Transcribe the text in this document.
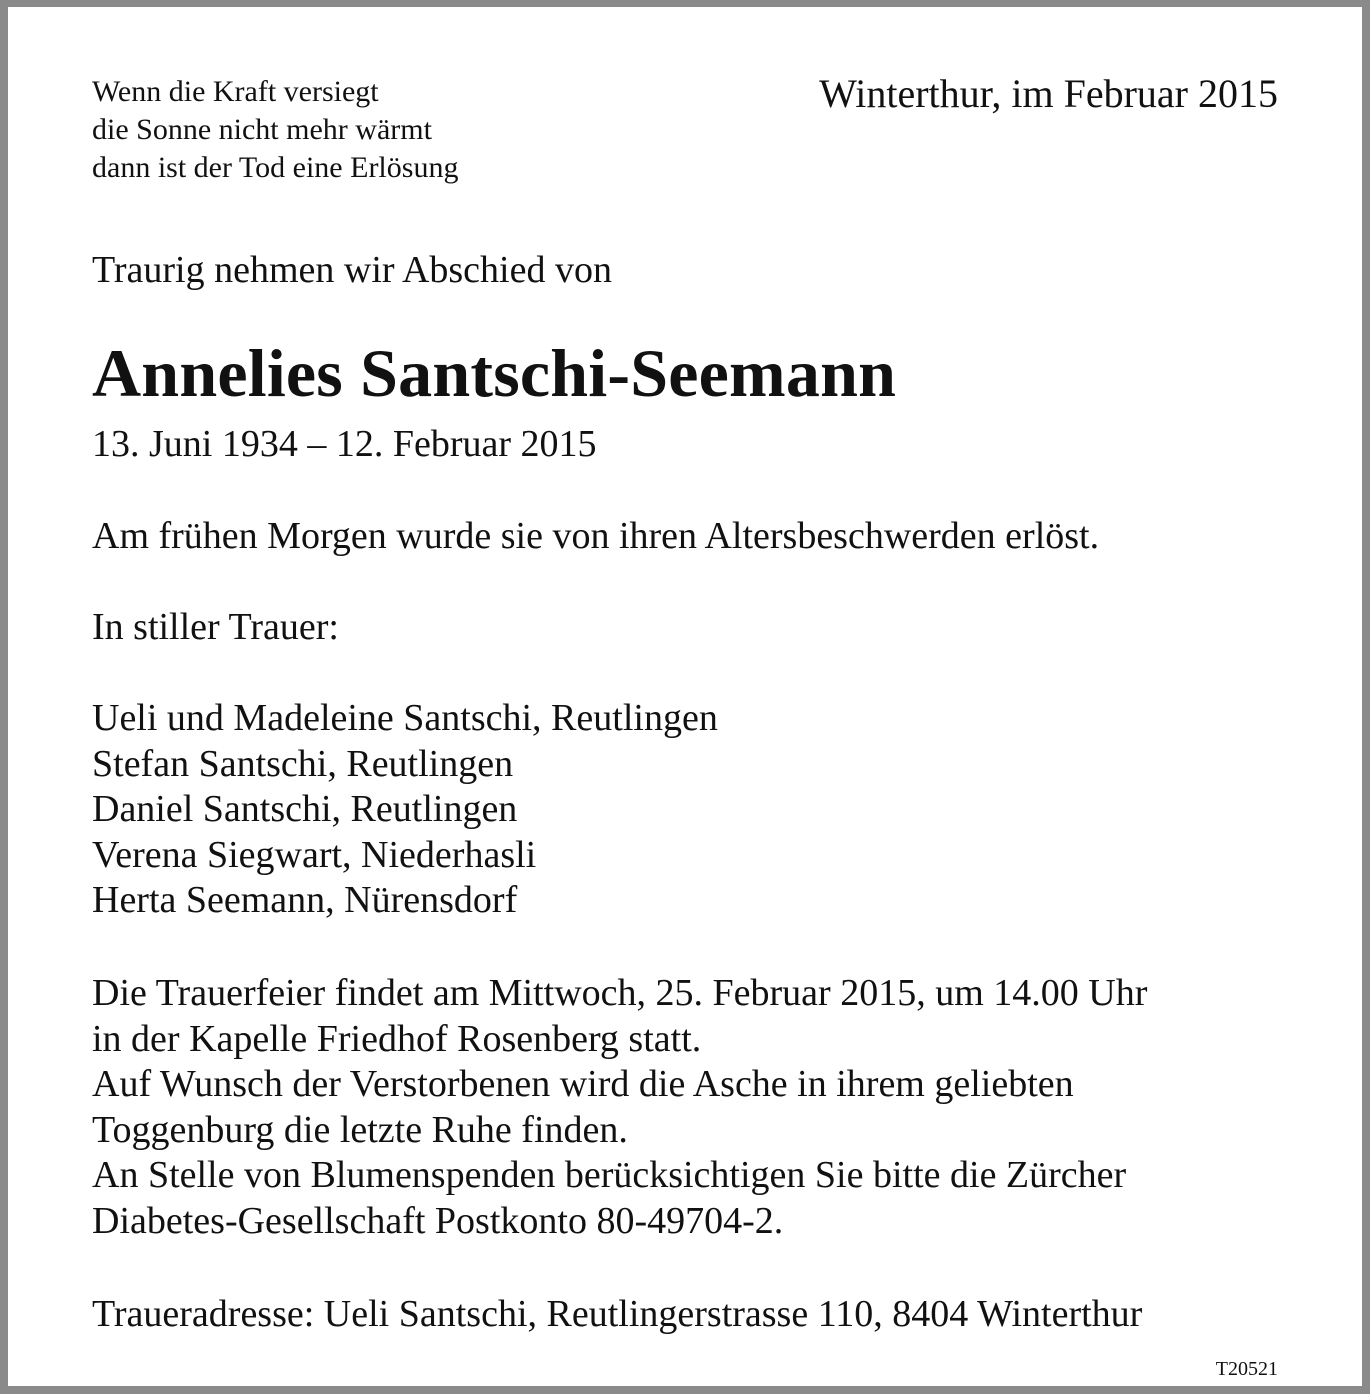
Wenn die Kraft versiegt
die Sonne nicht mehr wärmt
dann ist der Tod eine Erlösung
Winterthur, im Februar 2015
Traurig nehmen wir Abschied von
Annelies Santschi-Seemann
13. Juni 1934 – 12. Februar 2015
Am frühen Morgen wurde sie von ihren Altersbeschwerden erlöst.
In stiller Trauer:
Ueli und Madeleine Santschi, Reutlingen
Stefan Santschi, Reutlingen
Daniel Santschi, Reutlingen
Verena Siegwart, Niederhasli
Herta Seemann, Nürensdorf
Die Trauerfeier findet am Mittwoch, 25. Februar 2015, um 14.00 Uhr
in der Kapelle Friedhof Rosenberg statt.
Auf Wunsch der Verstorbenen wird die Asche in ihrem geliebten
Toggenburg die letzte Ruhe finden.
An Stelle von Blumenspenden berücksichtigen Sie bitte die Zürcher
Diabetes-Gesellschaft Postkonto 80-49704-2.
Traueradresse: Ueli Santschi, Reutlingerstrasse 110, 8404 Winterthur
T20521
